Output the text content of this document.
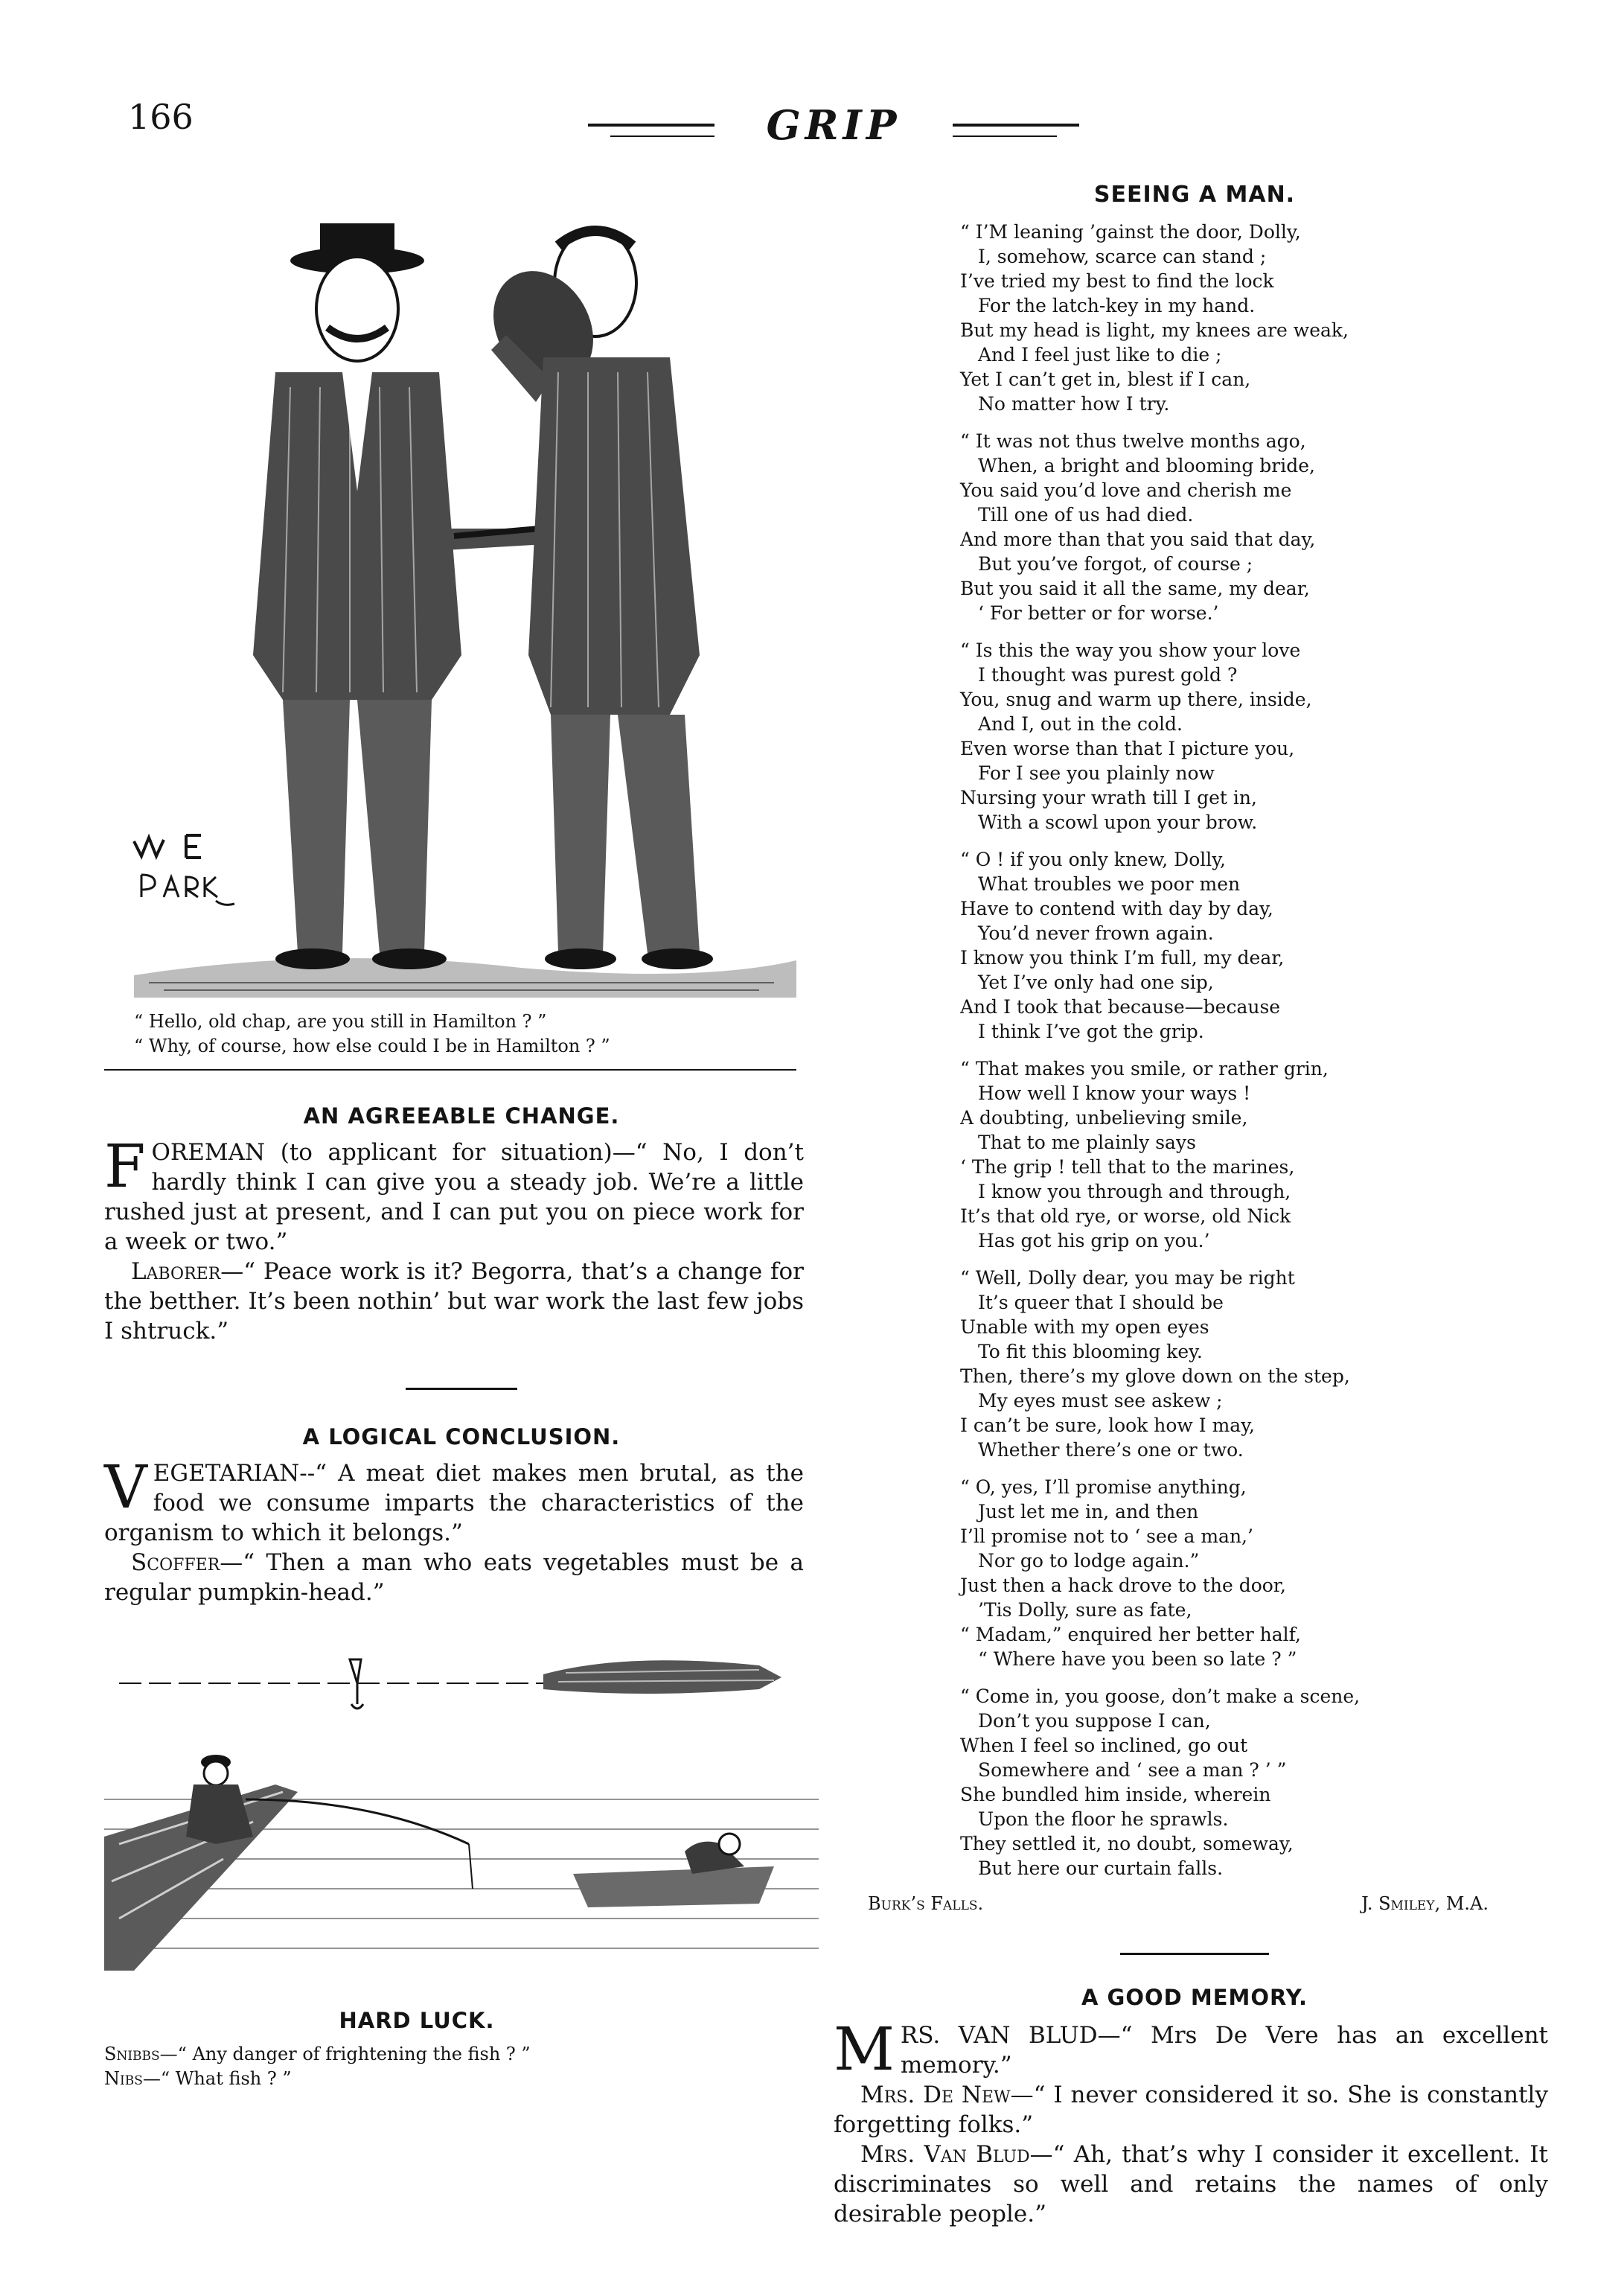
166	GRIP
“ Hello, old chap, are you still in Hamilton ? ”
“ Why, of course, how else could I be in Hamilton ? ”
AN AGREEABLE CHANGE.

FOREMAN (to applicant for situation)—“ No, I don’t hardly think I can give you a steady job. We’re a little rushed just at present, and I can put you on piece work for a week or two.”

Laborer—“ Peace work is it? Begorra, that’s a change for the betther. It’s been nothin’ but war work the last few jobs I shtruck.”

A LOGICAL CONCLUSION.

VEGETARIAN--“ A meat diet makes men brutal, as the food we consume imparts the characteristics of the organism to which it belongs.”

Scoffer—“ Then a man who eats vegetables must be a regular pumpkin-head.”

HARD LUCK.
Snibbs—“ Any danger of frightening the fish ? ”
Nibs—“ What fish ? ”
SEEING A MAN.
“ I’M leaning ’gainst the door, Dolly,
I, somehow, scarce can stand ;
I’ve tried my best to find the lock
For the latch-key in my hand.
But my head is light, my knees are weak,
And I feel just like to die ;
Yet I can’t get in, blest if I can,
No matter how I try.
“ It was not thus twelve months ago,
When, a bright and blooming bride,
You said you’d love and cherish me
Till one of us had died.
And more than that you said that day,
But you’ve forgot, of course ;
But you said it all the same, my dear,
‘ For better or for worse.’
“ Is this the way you show your love
I thought was purest gold ?
You, snug and warm up there, inside,
And I, out in the cold.
Even worse than that I picture you,
For I see you plainly now
Nursing your wrath till I get in,
With a scowl upon your brow.
“ O ! if you only knew, Dolly,
What troubles we poor men
Have to contend with day by day,
You’d never frown again.
I know you think I’m full, my dear,
Yet I’ve only had one sip,
And I took that because—because
I think I’ve got the grip.
“ That makes you smile, or rather grin,
How well I know your ways !
A doubting, unbelieving smile,
That to me plainly says
‘ The grip ! tell that to the marines,
I know you through and through,
It’s that old rye, or worse, old Nick
Has got his grip on you.’
“ Well, Dolly dear, you may be right
It’s queer that I should be
Unable with my open eyes
To fit this blooming key.
Then, there’s my glove down on the step,
My eyes must see askew ;
I can’t be sure, look how I may,
Whether there’s one or two.
“ O, yes, I’ll promise anything,
Just let me in, and then
I’ll promise not to ‘ see a man,’
Nor go to lodge again.”
Just then a hack drove to the door,
’Tis Dolly, sure as fate,
“ Madam,” enquired her better half,
“ Where have you been so late ? ”
“ Come in, you goose, don’t make a scene,
Don’t you suppose I can,
When I feel so inclined, go out
Somewhere and ‘ see a man ? ’ ”
She bundled him inside, wherein
Upon the floor he sprawls.
They settled it, no doubt, someway,
But here our curtain falls.
Burk’s Falls.	J. Smiley, M.A.
A GOOD MEMORY.

MRS. VAN BLUD—“ Mrs De Vere has an excellent memory.”

Mrs. De New—“ I never considered it so. She is constantly forgetting folks.”

Mrs. Van Blud—“ Ah, that’s why I consider it excellent. It discriminates so well and retains the names of only desirable people.”
